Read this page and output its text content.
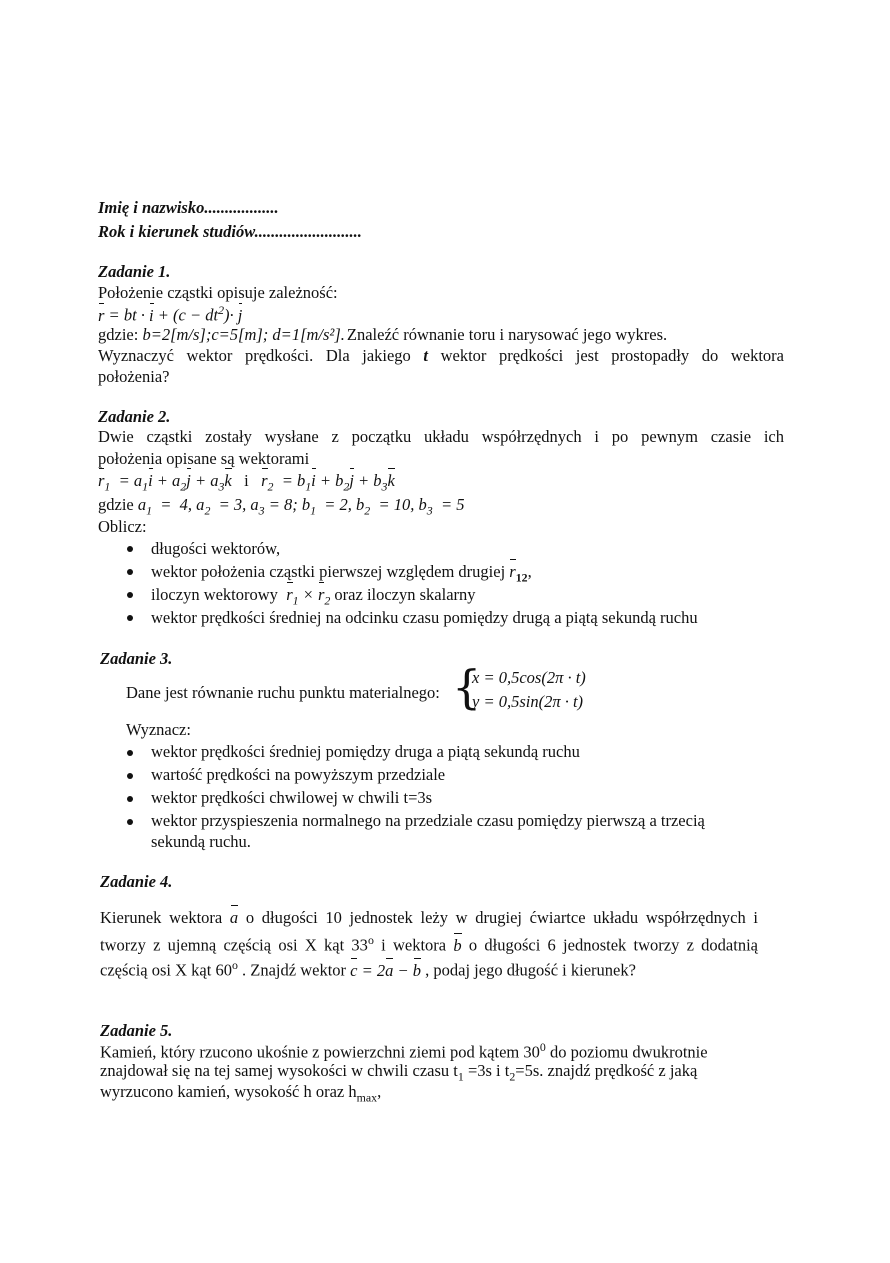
Imię i nazwisko..................
Rok i kierunek studiów..........................
Zadanie 1.
Położenie cząstki opisuje zależność:
r = bt · $i + (c - dt^2)\cdot j$
gdzie: b=2[m/s];c=5[m]; d=1[m/s²]. Znaleźć równanie toru i narysować jego wykres.
Wyznaczyć wektor prędkości. Dla jakiego t wektor prędkości jest prostopadły do wektora
położenia?
Zadanie 2.
Dwie cząstki zostały wysłane z początku układu współrzędnych i po pewnym czasie ich
położenia opisane są wektorami
$r_1 = a_1i + a_2j + a_3k$ i $r_2 = b_1i + b_2j + b_3k$
gdzie $a_1 = 4$, $a_2 = 3$, $a_3 = 8$; $b_1 = 2$, $b_2 = 10$, $b_3 = 5$
Oblicz:
długości wektorów,
wektor położenia cząstki pierwszej względem drugiej $r_{12}$,
iloczyn wektorowy $r_1 \times r_2$ oraz iloczyn skalarny
wektor prędkości średniej na odcinku czasu pomiędzy drugą a piątą sekundą ruchu
Zadanie 3.
Dane jest równanie ruchu punktu materialnego: {
x = 0,5cos(2π · t)
y = 0,5sin(2π · t)
Wyznacz:
wektor prędkości średniej pomiędzy druga a piątą sekundą ruchu
wartość prędkości na powyższym przedziale
wektor prędkości chwilowej w chwili t=3s
wektor przyspieszenia normalnego na przedziale czasu pomiędzy pierwszą a trzecią
sekundą ruchu.
Zadanie 4.
Kierunek wektora a o długości 10 jednostek leży w drugiej ćwiartce układu współrzędnych i
tworzy z ujemną częścią osi X kąt 33$^o$ i wektora b o długości 6 jednostek tworzy z dodatnią
częścią osi X kąt 60$^o$ . Znajdź wektor c = 2a − b , podaj jego długość i kierunek?
Zadanie 5.
Kamień, który rzucono ukośnie z powierzchni ziemi pod kątem $30^0$ do poziomu dwukrotnie
znajdował się na tej samej wysokości w chwili czasu $t_1 =3s$ i $t_2=5s$. znajdź prędkość z jaką
wyrzucono kamień, wysokość h oraz $h_{max}$,
